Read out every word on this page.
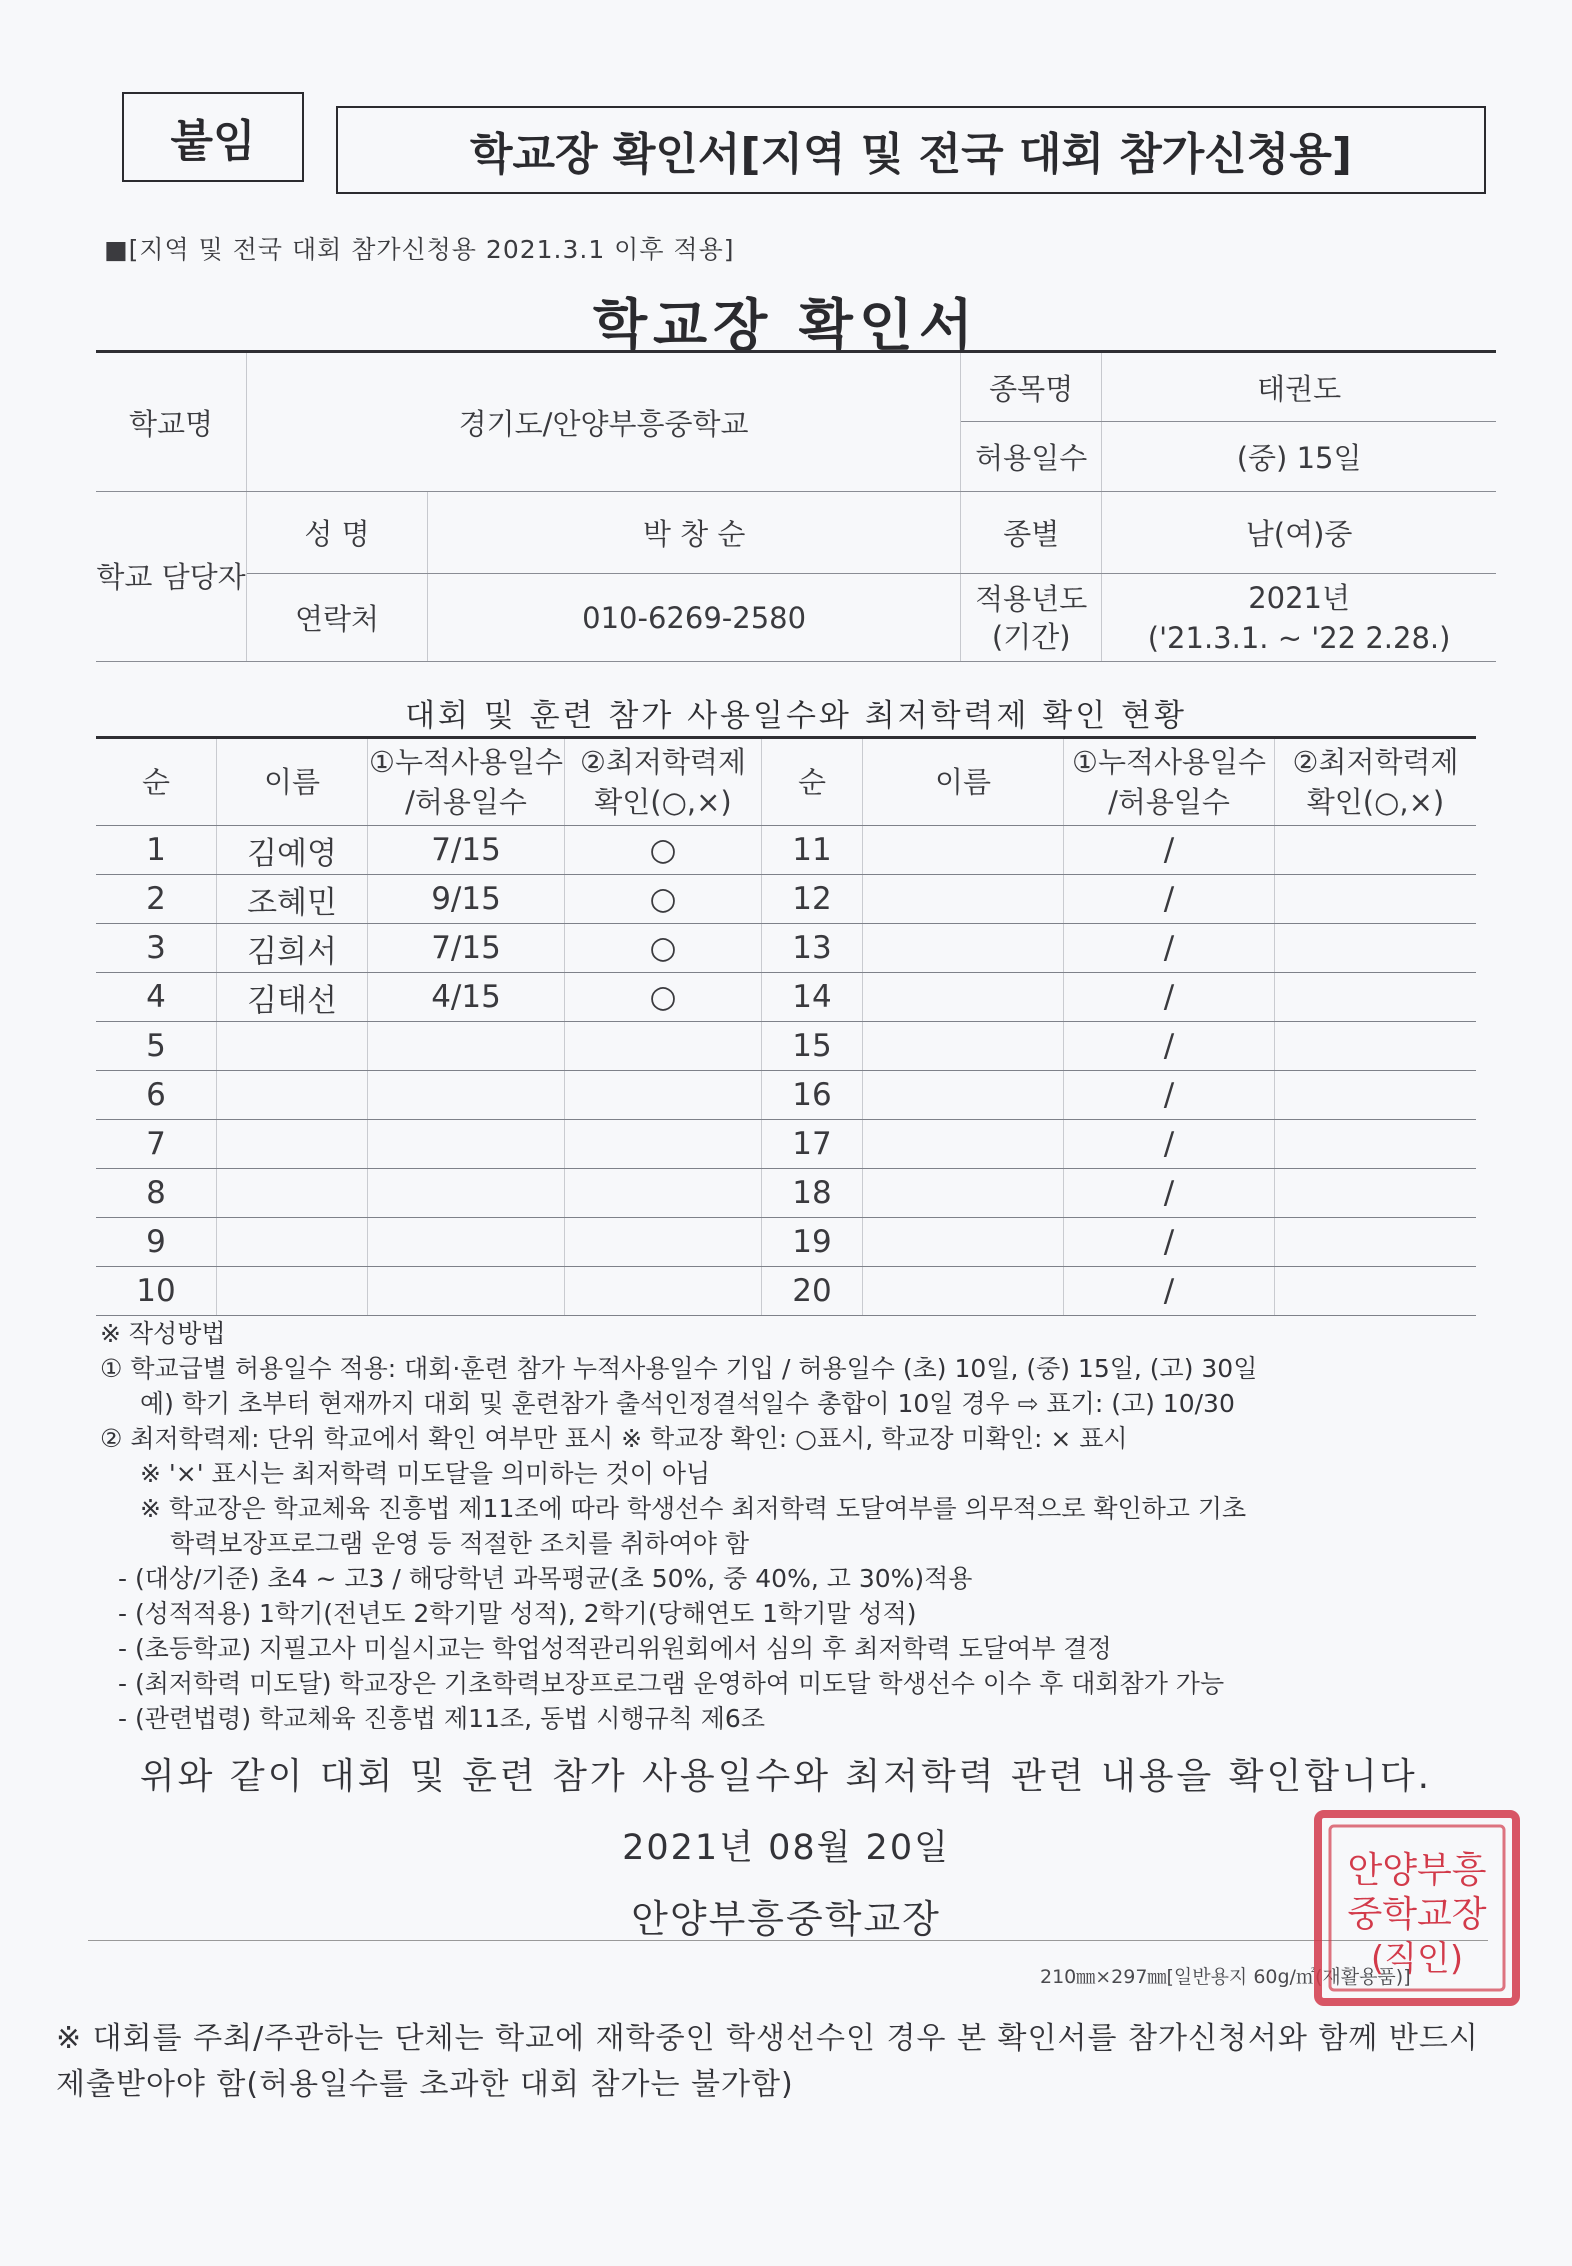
붙임	학교장 확인서[지역 및 전국 대회 참가신청용]
■[지역 및 전국 대회 참가신청용 2021.3.1 이후 적용]
학교장 확인서
학교명	경기도/안양부흥중학교		종목명	태권도
			허용일수	(중) 15일
학교 담당자	성 명	박 창 순	종별	남(여)중
	연락처	010-6269-2580	적용년도 (기간)	2021년
('21.3.1. ~ '22 2.28.)
대회 및 훈련 참가 사용일수와 최저학력제 확인 현황
순	이름	①누적사용일수 /허용일수	②최저학력제 확인(○,×)	순	이름	①누적사용일수 /허용일수	②최저학력제 확인(○,×)
1	김예영	7/15	○	11		/	
2	조혜민	9/15	○	12		/	
3	김희서	7/15	○	13		/	
4	김태선	4/15	○	14		/	
5				15		/	
6				16		/	
7				17		/	
8				18		/	
9				19		/	
10				20		/	
※ 작성방법
① 학교급별 허용일수 적용: 대회·훈련 참가 누적사용일수 기입 / 허용일수 (초) 10일, (중) 15일, (고) 30일
예) 학기 초부터 현재까지 대회 및 훈련참가 출석인정결석일수 총합이 10일 경우 ⇨ 표기: (고) 10/30
② 최저학력제: 단위 학교에서 확인 여부만 표시 ※ 학교장 확인: ○표시, 학교장 미확인: × 표시
※ '×' 표시는 최저학력 미도달을 의미하는 것이 아님
※ 학교장은 학교체육 진흥법 제11조에 따라 학생선수 최저학력 도달여부를 의무적으로 확인하고 기초
학력보장프로그램 운영 등 적절한 조치를 취하여야 함
- (대상/기준) 초4 ~ 고3 / 해당학년 과목평균(초 50%, 중 40%, 고 30%)적용
- (성적적용) 1학기(전년도 2학기말 성적), 2학기(당해연도 1학기말 성적)
- (초등학교) 지필고사 미실시교는 학업성적관리위원회에서 심의 후 최저학력 도달여부 결정
- (최저학력 미도달) 학교장은 기초학력보장프로그램 운영하여 미도달 학생선수 이수 후 대회참가 가능
- (관련법령) 학교체육 진흥법 제11조, 동법 시행규칙 제6조
위와 같이 대회 및 훈련 참가 사용일수와 최저학력 관련 내용을 확인합니다.
2021년 08월 20일
안양부흥중학교장
210㎜×297㎜[일반용지 60g/㎡(재활용품)]
※ 대회를 주최/주관하는 단체는 학교에 재학중인 학생선수인 경우 본 확인서를 참가신청서와 함께 반드시 제출받아야 함(허용일수를 초과한 대회 참가는 불가함)
안양부흥
중학교장
(직인)
